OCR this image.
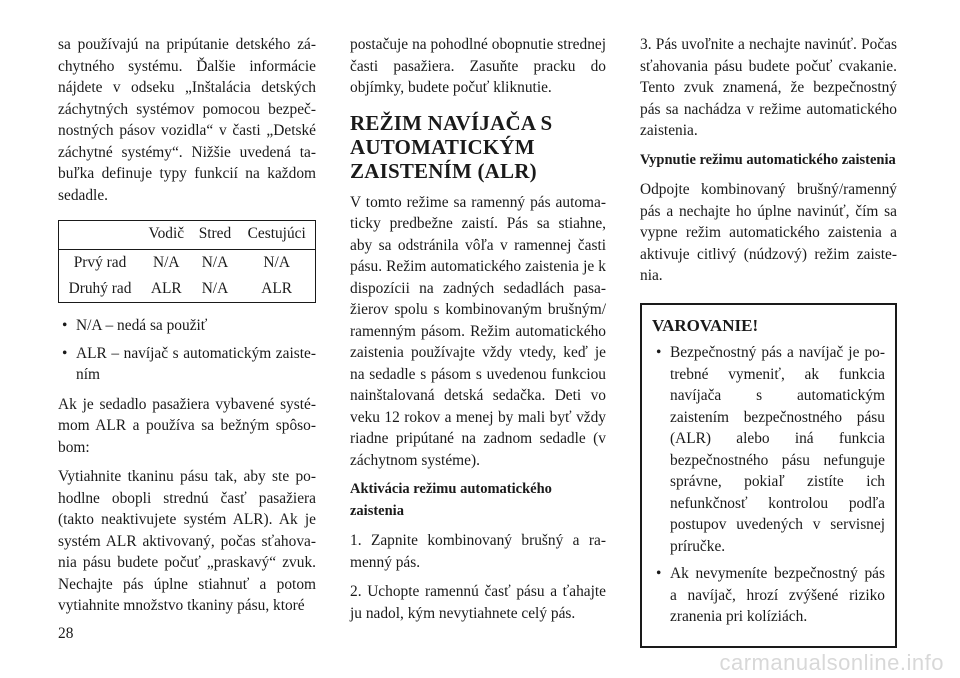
sa používajú na pripútanie detského záchytného systému. Ďalšie informácie nájdete v odseku „Inštalácia detských záchytných systémov pomocou bezpečnostných pásov vozidla“ v časti „Detské záchytné systémy“. Nižšie uvedená tabuľka definuje typy funkcií na každom sedadle.

	Vodič	Stred	Cestujúci
Prvý rad	N/A	N/A	N/A
Druhý rad	ALR	N/A	ALR
• N/A – nedá sa použiť
• ALR – navíjač s automatickým zaistením

Ak je sedadlo pasažiera vybavené systémom ALR a používa sa bežným spôsobom:

Vytiahnite tkaninu pásu tak, aby ste pohodlne obopli strednú časť pasažiera (takto neaktivujete systém ALR). Ak je systém ALR aktivovaný, počas sťahovania pásu budete počuť „praskavý“ zvuk. Nechajte pás úplne stiahnuť a potom vytiahnite množstvo tkaniny pásu, ktoré

postačuje na pohodlné obopnutie strednej časti pasažiera. Zasuňte pracku do objímky, budete počuť kliknutie.

REŽIM NAVÍJAČA S AUTOMATICKÝM ZAISTENÍM (ALR)

V tomto režime sa ramenný pás automaticky predbežne zaistí. Pás sa stiahne, aby sa odstránila vôľa v ramennej časti pásu. Režim automatického zaistenia je k dispozícii na zadných sedadlách pasažierov spolu s kombinovaným brušným/ ramenným pásom. Režim automatického zaistenia používajte vždy vtedy, keď je na sedadle s pásom s uvedenou funkciou nainštalovaná detská sedačka. Deti vo veku 12 rokov a menej by mali byť vždy riadne pripútané na zadnom sedadle (v záchytnom systéme).

Aktivácia režimu automatického zaistenia

1. Zapnite kombinovaný brušný a ramenný pás.

2. Uchopte ramennú časť pásu a ťahajte ju nadol, kým nevytiahnete celý pás.

3. Pás uvoľnite a nechajte navinúť. Počas sťahovania pásu budete počuť cvakanie. Tento zvuk znamená, že bezpečnostný pás sa nachádza v režime automatického zaistenia.

Vypnutie režimu automatického zaistenia

Odpojte kombinovaný brušný/ramenný pás a nechajte ho úplne navinúť, čím sa vypne režim automatického zaistenia a aktivuje citlivý (núdzový) režim zaistenia.

VAROVANIE!
• Bezpečnostný pás a navíjač je potrebné vymeniť, ak funkcia navíjača s automatickým zaistením bezpečnostného pásu (ALR) alebo iná funkcia bezpečnostného pásu nefunguje správne, pokiaľ zistíte ich nefunkčnosť kontrolou podľa postupov uvedených v servisnej príručke.
• Ak nevymeníte bezpečnostný pás a navíjač, hrozí zvýšené riziko zranenia pri kolíziách.
28
carmanualsonline.info
